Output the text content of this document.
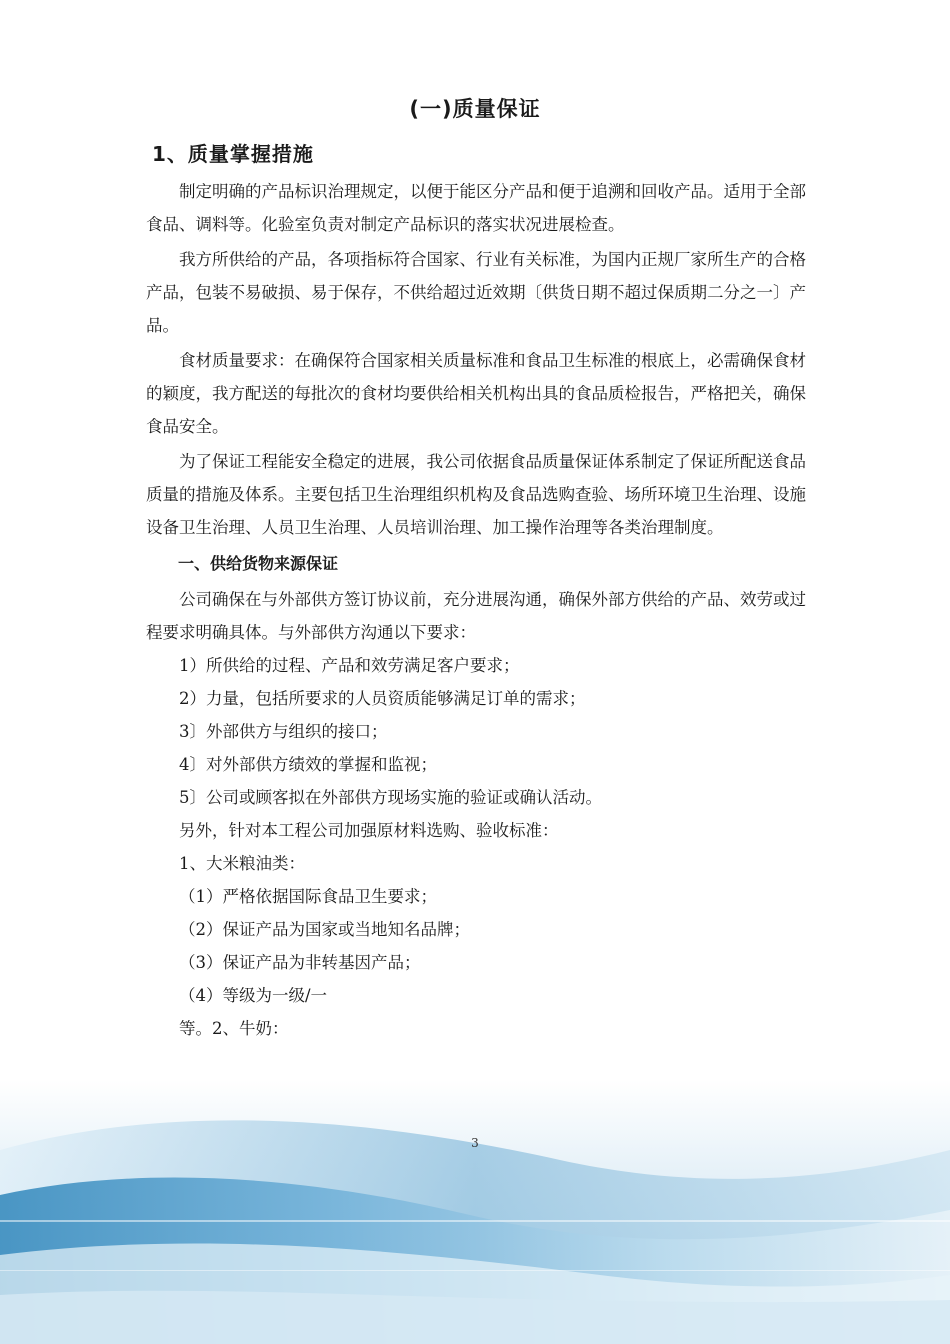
(一)质量保证
1、质量掌握措施

制定明确的产品标识治理规定，以便于能区分产品和便于追溯和回收产品。适用于全部食品、调料等。化验室负责对制定产品标识的落实状况进展检查。

我方所供给的产品，各项指标符合国家、行业有关标准，为国内正规厂家所生产的合格产品，包装不易破损、易于保存，不供给超过近效期〔供货日期不超过保质期二分之一〕产品。

食材质量要求：在确保符合国家相关质量标准和食品卫生标准的根底上，必需确保食材的颖度，我方配送的每批次的食材均要供给相关机构出具的食品质检报告，严格把关，确保食品安全。

为了保证工程能安全稳定的进展，我公司依据食品质量保证体系制定了保证所配送食品质量的措施及体系。主要包括卫生治理组织机构及食品选购查验、场所环境卫生治理、设施设备卫生治理、人员卫生治理、人员培训治理、加工操作治理等各类治理制度。

一、供给货物来源保证

公司确保在与外部供方签订协议前，充分进展沟通，确保外部方供给的产品、效劳或过程要求明确具体。与外部供方沟通以下要求：

1）所供给的过程、产品和效劳满足客户要求；

2）力量，包括所要求的人员资质能够满足订单的需求；

3〕外部供方与组织的接口；

4〕对外部供方绩效的掌握和监视；

5〕公司或顾客拟在外部供方现场实施的验证或确认活动。

另外，针对本工程公司加强原材料选购、验收标准：

1、大米粮油类：

（1）严格依据国际食品卫生要求；

（2）保证产品为国家或当地知名品牌；

（3）保证产品为非转基因产品；

（4）等级为一级/一

等。2、牛奶：

3
